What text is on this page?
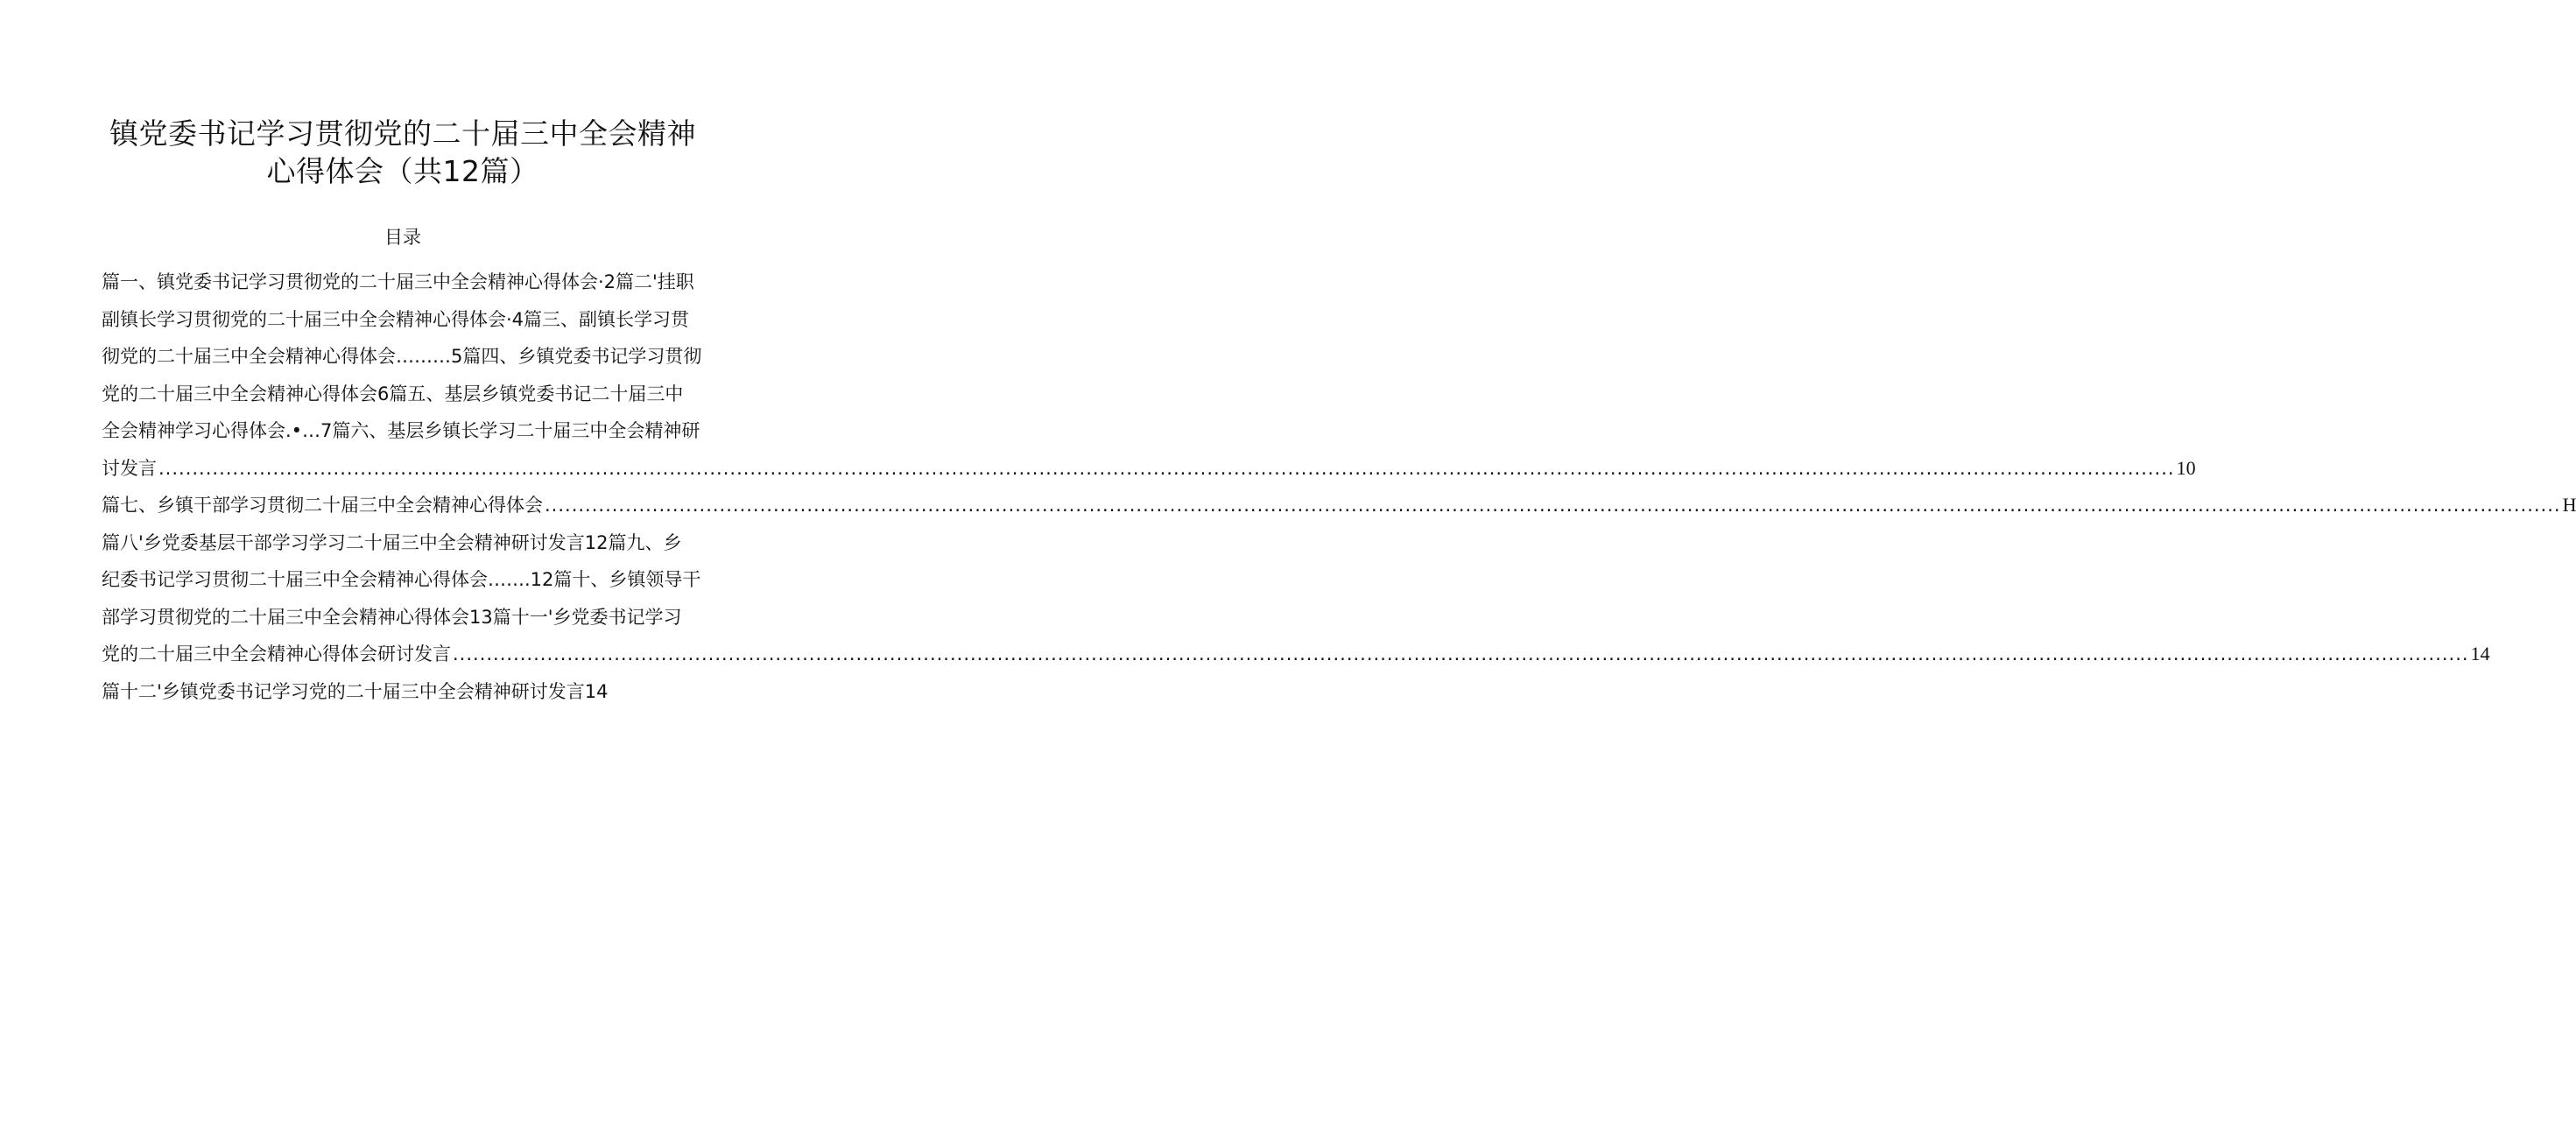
镇党委书记学习贯彻党的二十届三中全会精神
心得体会（共12篇）
目录
篇一、镇党委书记学习贯彻党的二十届三中全会精神心得体会·2篇二'挂职
副镇长学习贯彻党的二十届三中全会精神心得体会·4篇三、副镇长学习贯
彻党的二十届三中全会精神心得体会………5篇四、乡镇党委书记学习贯彻
党的二十届三中全会精神心得体会6篇五、基层乡镇党委书记二十届三中
全会精神学习心得体会.•…7篇六、基层乡镇长学习二十届三中全会精神研
讨发言 ............................................................................................................................................................................................................................................................................................................ 10
篇七、乡镇干部学习贯彻二十届三中全会精神心得体会 ............................................................................................................................................................................................................................................................................................................ H
篇八'乡党委基层干部学习学习二十届三中全会精神研讨发言12篇九、乡
纪委书记学习贯彻二十届三中全会精神心得体会…….12篇十、乡镇领导干
部学习贯彻党的二十届三中全会精神心得体会13篇十一'乡党委书记学习
党的二十届三中全会精神心得体会研讨发言 ............................................................................................................................................................................................................................................................................................................ 14
篇十二'乡镇党委书记学习党的二十届三中全会精神研讨发言14
